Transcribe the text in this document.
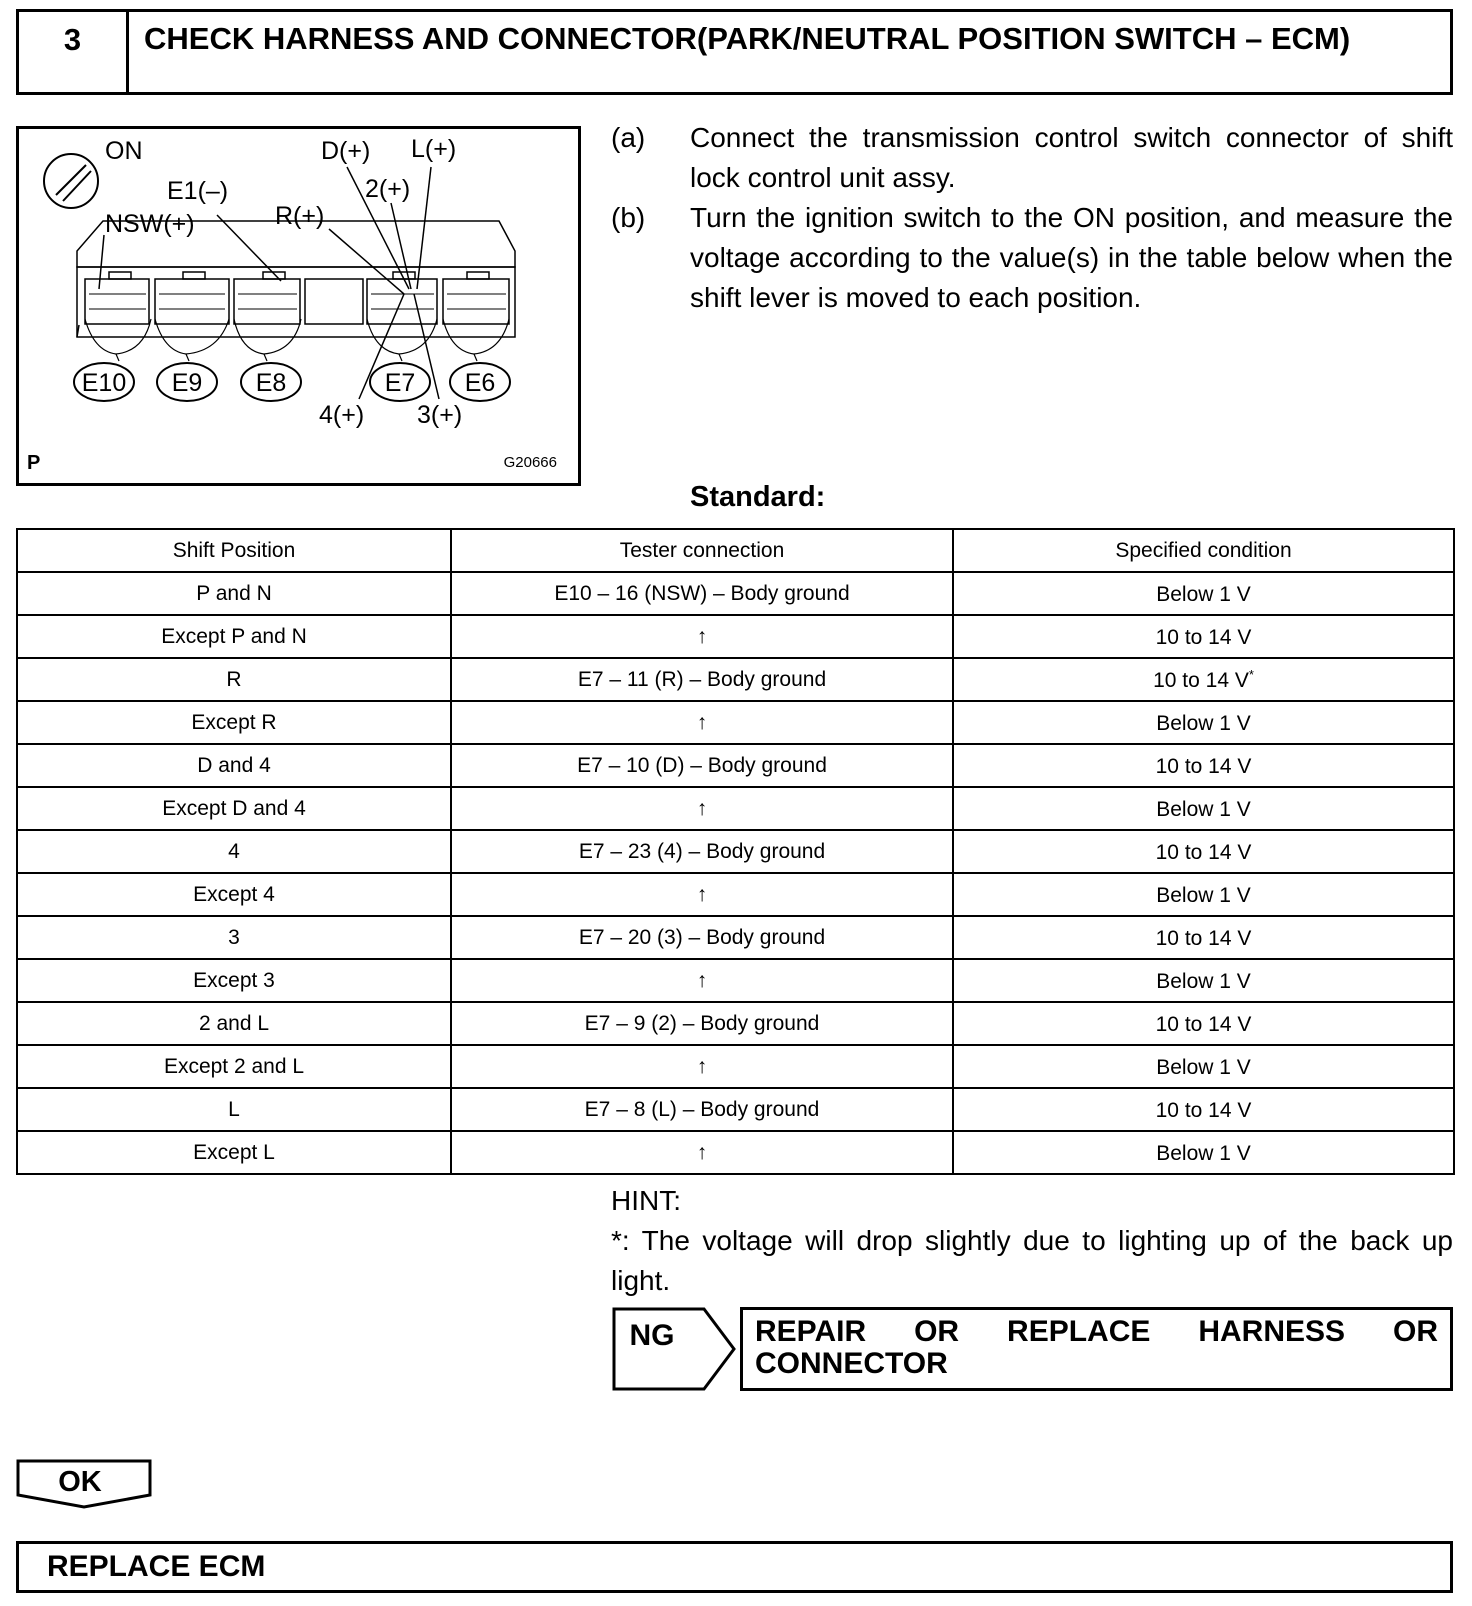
3	CHECK HARNESS AND CONNECTOR(PARK/NEUTRAL POSITION SWITCH – ECM)
E10 E9 E8	E7 E6
ON
E1(–)
NSW(+)	R(+)
D(+) L(+)
2(+)
4(+) 3(+)
P	G20666
(a) Connect the transmission control switch connector of shift lock control unit assy.
(b) Turn the ignition switch to the ON position, and measure the voltage according to the value(s) in the table below when the shift lever is moved to each position.
Standard:
Shift Position	Tester connection	Specified condition
P and N	E10 – 16 (NSW) – Body ground	Below 1 V
Except P and N	↑	10 to 14 V
R	E7 – 11 (R) – Body ground	10 to 14 V*
Except R	↑	Below 1 V
D and 4	E7 – 10 (D) – Body ground	10 to 14 V
Except D and 4	↑	Below 1 V
4	E7 – 23 (4) – Body ground	10 to 14 V
Except 4	↑	Below 1 V
3	E7 – 20 (3) – Body ground	10 to 14 V
Except 3	↑	Below 1 V
2 and L	E7 – 9 (2) – Body ground	10 to 14 V
Except 2 and L	↑	Below 1 V
L	E7 – 8 (L) – Body ground	10 to 14 V
Except L	↑	Below 1 V
HINT:
*: The voltage will drop slightly due to lighting up of the back up light.
NG	REPAIR OR REPLACE HARNESS OR
CONNECTOR
OK
REPLACE ECM
